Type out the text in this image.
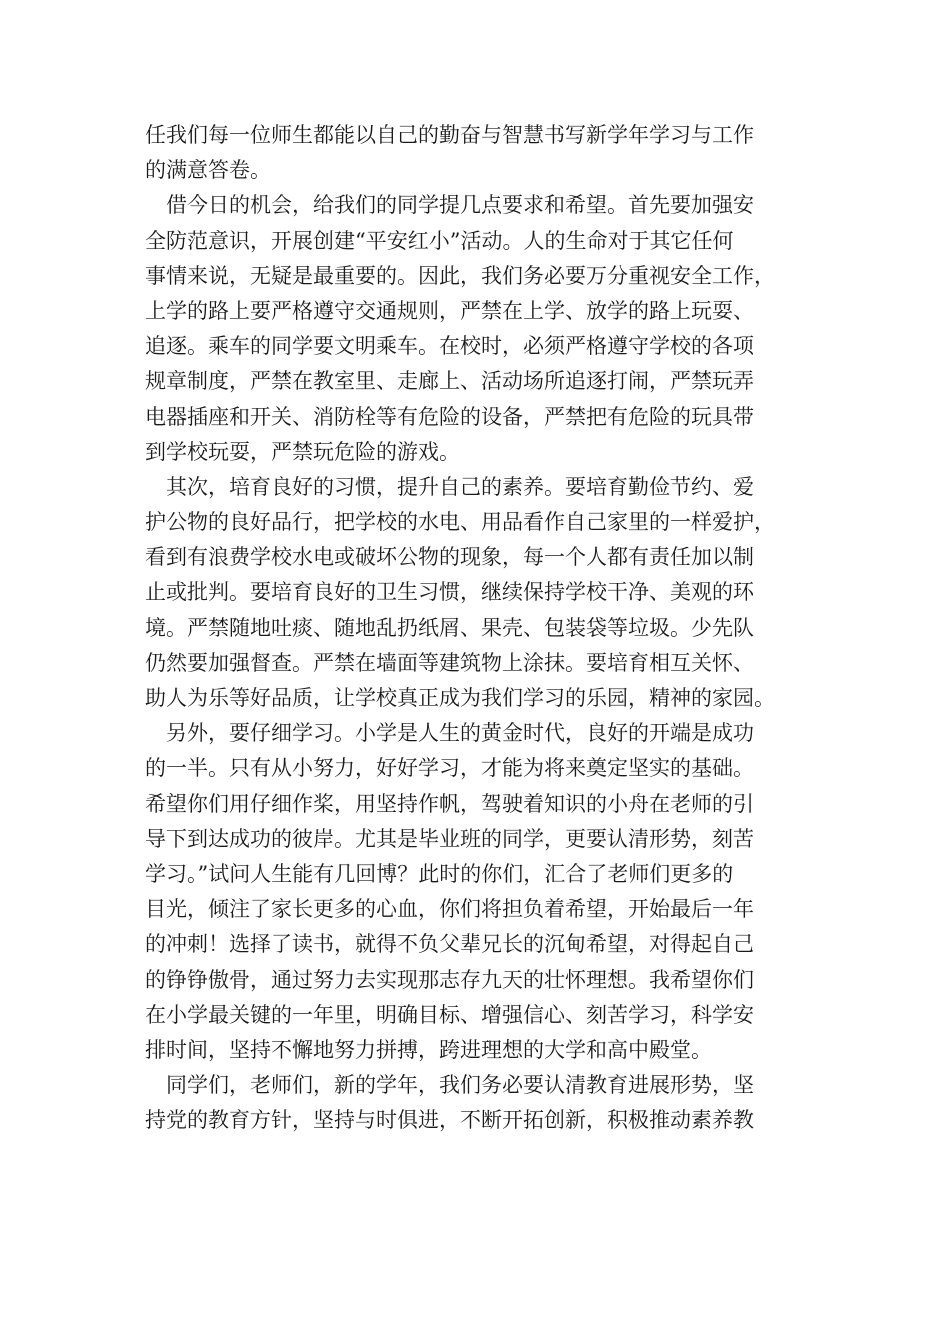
任我们每一位师生都能以自己的勤奋与智慧书写新学年学习与工作
的满意答卷。
借今日的机会，给我们的同学提几点要求和希望。首先要加强安
全防范意识，开展创建“平安红小”活动。人的生命对于其它任何
事情来说，无疑是最重要的。因此，我们务必要万分重视安全工作，
上学的路上要严格遵守交通规则，严禁在上学、放学的路上玩耍、
追逐。乘车的同学要文明乘车。在校时，必须严格遵守学校的各项
规章制度，严禁在教室里、走廊上、活动场所追逐打闹，严禁玩弄
电器插座和开关、消防栓等有危险的设备，严禁把有危险的玩具带
到学校玩耍，严禁玩危险的游戏。
其次，培育良好的习惯，提升自己的素养。要培育勤俭节约、爱
护公物的良好品行，把学校的水电、用品看作自己家里的一样爱护，
看到有浪费学校水电或破坏公物的现象，每一个人都有责任加以制
止或批判。要培育良好的卫生习惯，继续保持学校干净、美观的环
境。严禁随地吐痰、随地乱扔纸屑、果壳、包装袋等垃圾。少先队
仍然要加强督查。严禁在墙面等建筑物上涂抹。要培育相互关怀、
助人为乐等好品质，让学校真正成为我们学习的乐园，精神的家园。
另外，要仔细学习。小学是人生的黄金时代，良好的开端是成功
的一半。只有从小努力，好好学习，才能为将来奠定坚实的基础。
希望你们用仔细作桨，用坚持作帆，驾驶着知识的小舟在老师的引
导下到达成功的彼岸。尤其是毕业班的同学，更要认清形势，刻苦
学习。”试问人生能有几回博？此时的你们，汇合了老师们更多的
目光，倾注了家长更多的心血，你们将担负着希望，开始最后一年
的冲刺！选择了读书，就得不负父辈兄长的沉甸希望，对得起自己
的铮铮傲骨，通过努力去实现那志存九天的壮怀理想。我希望你们
在小学最关键的一年里，明确目标、增强信心、刻苦学习，科学安
排时间，坚持不懈地努力拼搏，跨进理想的大学和高中殿堂。
同学们，老师们，新的学年，我们务必要认清教育进展形势，坚
持党的教育方针，坚持与时俱进，不断开拓创新，积极推动素养教
